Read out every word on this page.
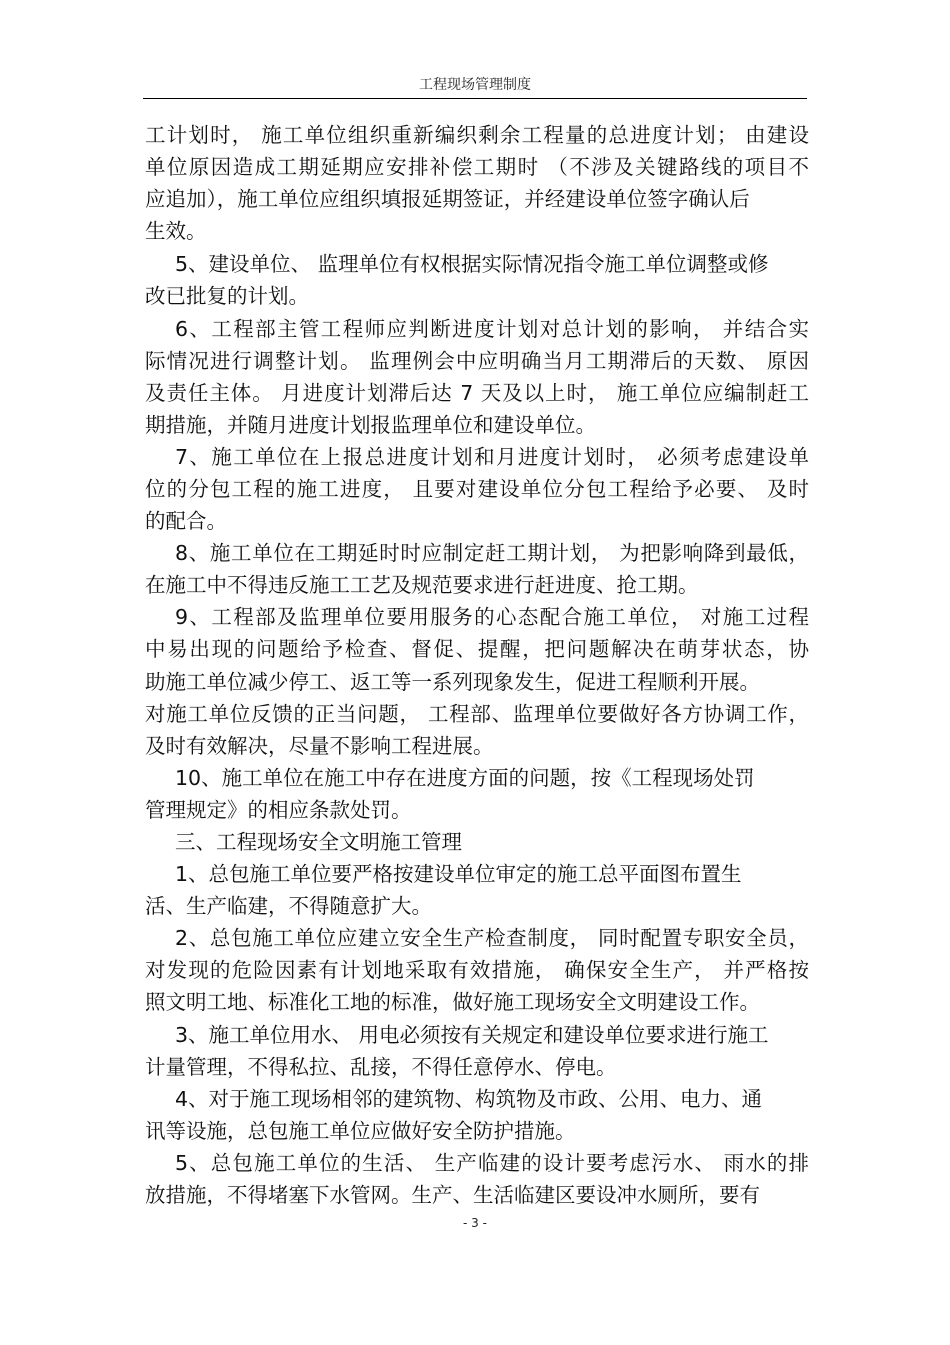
工程现场管理制度
工计划时， 施工单位组织重新编织剩余工程量的总进度计划； 由建设
单位原因造成工期延期应安排补偿工期时 （不涉及关键路线的项目不
应追加），施工单位应组织填报延期签证，并经建设单位签字确认后
生效。
5、建设单位、 监理单位有权根据实际情况指令施工单位调整或修
改已批复的计划。
6、工程部主管工程师应判断进度计划对总计划的影响， 并结合实
际情况进行调整计划。 监理例会中应明确当月工期滞后的天数、 原因
及责任主体。 月进度计划滞后达 7 天及以上时， 施工单位应编制赶工
期措施，并随月进度计划报监理单位和建设单位。
7、施工单位在上报总进度计划和月进度计划时， 必须考虑建设单
位的分包工程的施工进度， 且要对建设单位分包工程给予必要、 及时
的配合。
8、施工单位在工期延时时应制定赶工期计划， 为把影响降到最低，
在施工中不得违反施工工艺及规范要求进行赶进度、抢工期。
9、工程部及监理单位要用服务的心态配合施工单位， 对施工过程
中易出现的问题给予检查、督促、提醒，把问题解决在萌芽状态，协
助施工单位减少停工、返工等一系列现象发生，促进工程顺利开展。
对施工单位反馈的正当问题， 工程部、监理单位要做好各方协调工作，
及时有效解决，尽量不影响工程进展。
10、施工单位在施工中存在进度方面的问题，按《工程现场处罚
管理规定》的相应条款处罚。
三、工程现场安全文明施工管理
1、总包施工单位要严格按建设单位审定的施工总平面图布置生
活、生产临建，不得随意扩大。
2、总包施工单位应建立安全生产检查制度， 同时配置专职安全员，
对发现的危险因素有计划地采取有效措施， 确保安全生产， 并严格按
照文明工地、标准化工地的标准，做好施工现场安全文明建设工作。
3、施工单位用水、 用电必须按有关规定和建设单位要求进行施工
计量管理，不得私拉、乱接，不得任意停水、停电。
4、对于施工现场相邻的建筑物、构筑物及市政、公用、电力、通
讯等设施，总包施工单位应做好安全防护措施。
5、总包施工单位的生活、 生产临建的设计要考虑污水、 雨水的排
放措施，不得堵塞下水管网。生产、生活临建区要设冲水厕所，要有
- 3 -
